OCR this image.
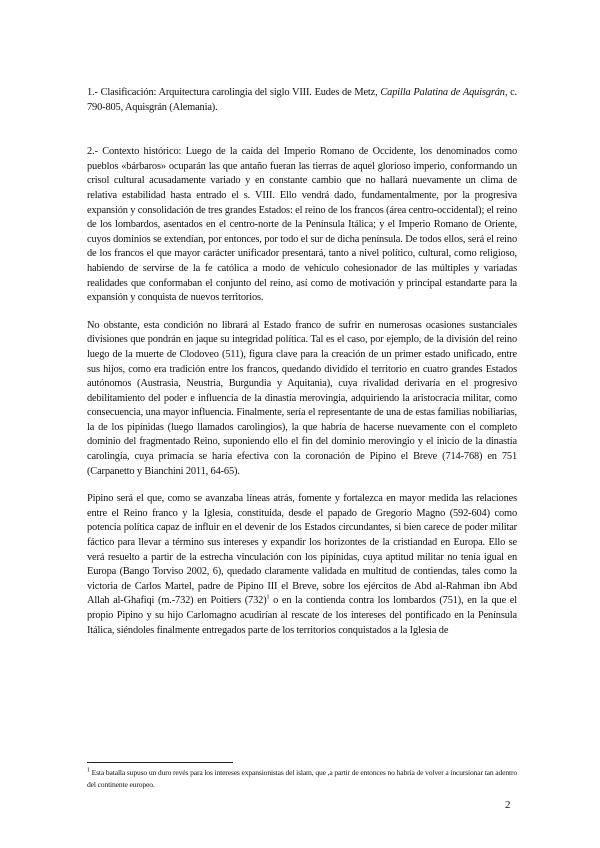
1.- Clasificación: Arquitectura carolingia del siglo VIII. Eudes de Metz, Capilla Palatina de Aquisgrán, c. 790-805, Aquisgrán (Alemania).

2.- Contexto histórico: Luego de la caída del Imperio Romano de Occidente, los denominados como pueblos «bárbaros» ocuparán las que antaño fueran las tierras de aquel glorioso imperio, conformando un crisol cultural acusadamente variado y en constante cambio que no hallará nuevamente un clima de relativa estabilidad hasta entrado el s. VIII. Ello vendrá dado, fundamentalmente, por la progresiva expansión y consolidación de tres grandes Estados: el reino de los francos (área centro-occidental); el reino de los lombardos, asentados en el centro-norte de la Península Itálica; y el Imperio Romano de Oriente, cuyos dominios se extendían, por entonces, por todo el sur de dicha península. De todos ellos, será el reino de los francos el que mayor carácter unificador presentará, tanto a nivel político, cultural, como religioso, habiendo de servirse de la fe católica a modo de vehículo cohesionador de las múltiples y variadas realidades que conformaban el conjunto del reino, así como de motivación y principal estandarte para la expansión y conquista de nuevos territorios.

No obstante, esta condición no librará al Estado franco de sufrir en numerosas ocasiones sustanciales divisiones que pondrán en jaque su integridad política. Tal es el caso, por ejemplo, de la división del reino luego de la muerte de Clodoveo (511), figura clave para la creación de un primer estado unificado, entre sus hijos, como era tradición entre los francos, quedando dividido el territorio en cuatro grandes Estados autónomos (Austrasia, Neustria, Burgundia y Aquitania), cuya rivalidad derivaría en el progresivo debilitamiento del poder e influencia de la dinastía merovingia, adquiriendo la aristocracia militar, como consecuencia, una mayor influencia. Finalmente, sería el representante de una de estas familias nobiliarias, la de los pipínidas (luego llamados carolingios), la que habría de hacerse nuevamente con el completo dominio del fragmentado Reino, suponiendo ello el fin del dominio merovingio y el inicio de la dinastía carolingia, cuya primacía se haría efectiva con la coronación de Pipino el Breve (714-768) en 751 (Carpanetto y Bianchini 2011, 64-65).

Pipino será el que, como se avanzaba líneas atrás, fomente y fortalezca en mayor medida las relaciones entre el Reino franco y la Iglesia, constituida, desde el papado de Gregorio Magno (592-604) como potencia política capaz de influir en el devenir de los Estados circundantes, si bien carece de poder militar fáctico para llevar a término sus intereses y expandir los horizontes de la cristiandad en Europa. Ello se verá resuelto a partir de la estrecha vinculación con los pipínidas, cuya aptitud militar no tenía igual en Europa (Bango Torviso 2002, 6), quedado claramente validada en multitud de contiendas, tales como la victoria de Carlos Martel, padre de Pipino III el Breve, sobre los ejércitos de Abd al-Rahman ibn Abd Allah al-Ghafiqi (m.-732) en Poitiers $(732)^1$ o en la contienda contra los lombardos (751), en la que el propio Pipino y su hijo Carlomagno acudirían al rescate de los intereses del pontificado en la Península Itálica, siéndoles finalmente entregados parte de los territorios conquistados a la Iglesia de

$^1$ Esta batalla supuso un duro revés para los intereses expansionistas del islam, que ,a partir de entonces no habría de volver a incursionar tan adentro del continente europeo.
2
